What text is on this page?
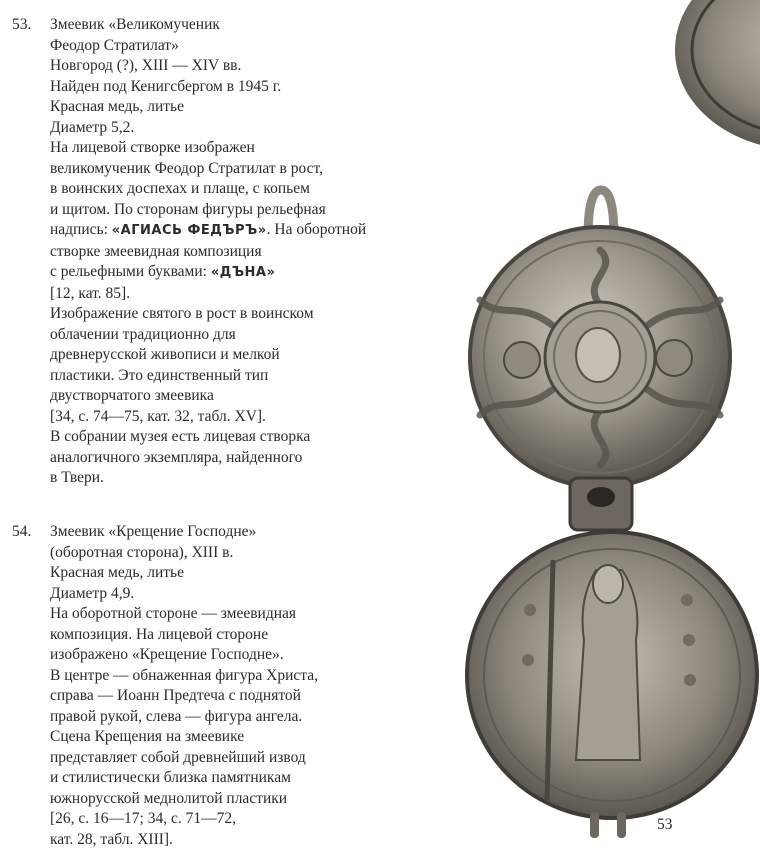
53. Змеевик «Великомученик
Феодор Стратилат»
Новгород (?), XIII — XIV вв.
Найден под Кенигсбергом в 1945 г.
Красная медь, литье
Диаметр 5,2.
На лицевой створке изображен
великомученик Феодор Стратилат в рост,
в воинских доспехах и плаще, с копьем
и щитом. По сторонам фигуры рельефная
надпись: «АГИАСЬ ФЕДЪРЪ». На оборотной
створке змеевидная композиция
с рельефными буквами: «ДЪНА»
[12, кат. 85].
Изображение святого в рост в воинском
облачении традиционно для
древнерусской живописи и мелкой
пластики. Это единственный тип
двустворчатого змеевика
[34, с. 74—75, кат. 32, табл. XV].
В собрании музея есть лицевая створка
аналогичного экземпляра, найденного
в Твери.
54. Змеевик «Крещение Господне»
(оборотная сторона), XIII в.
Красная медь, литье
Диаметр 4,9.
На оборотной стороне — змеевидная
композиция. На лицевой стороне
изображено «Крещение Господне».
В центре — обнаженная фигура Христа,
справа — Иоанн Предтеча с поднятой
правой рукой, слева — фигура ангела.
Сцена Крещения на змеевике
представляет собой древнейший извод
и стилистически близка памятникам
южнорусской меднолитой пластики
[26, с. 16—17; 34, с. 71—72,
кат. 28, табл. XIII].
53
